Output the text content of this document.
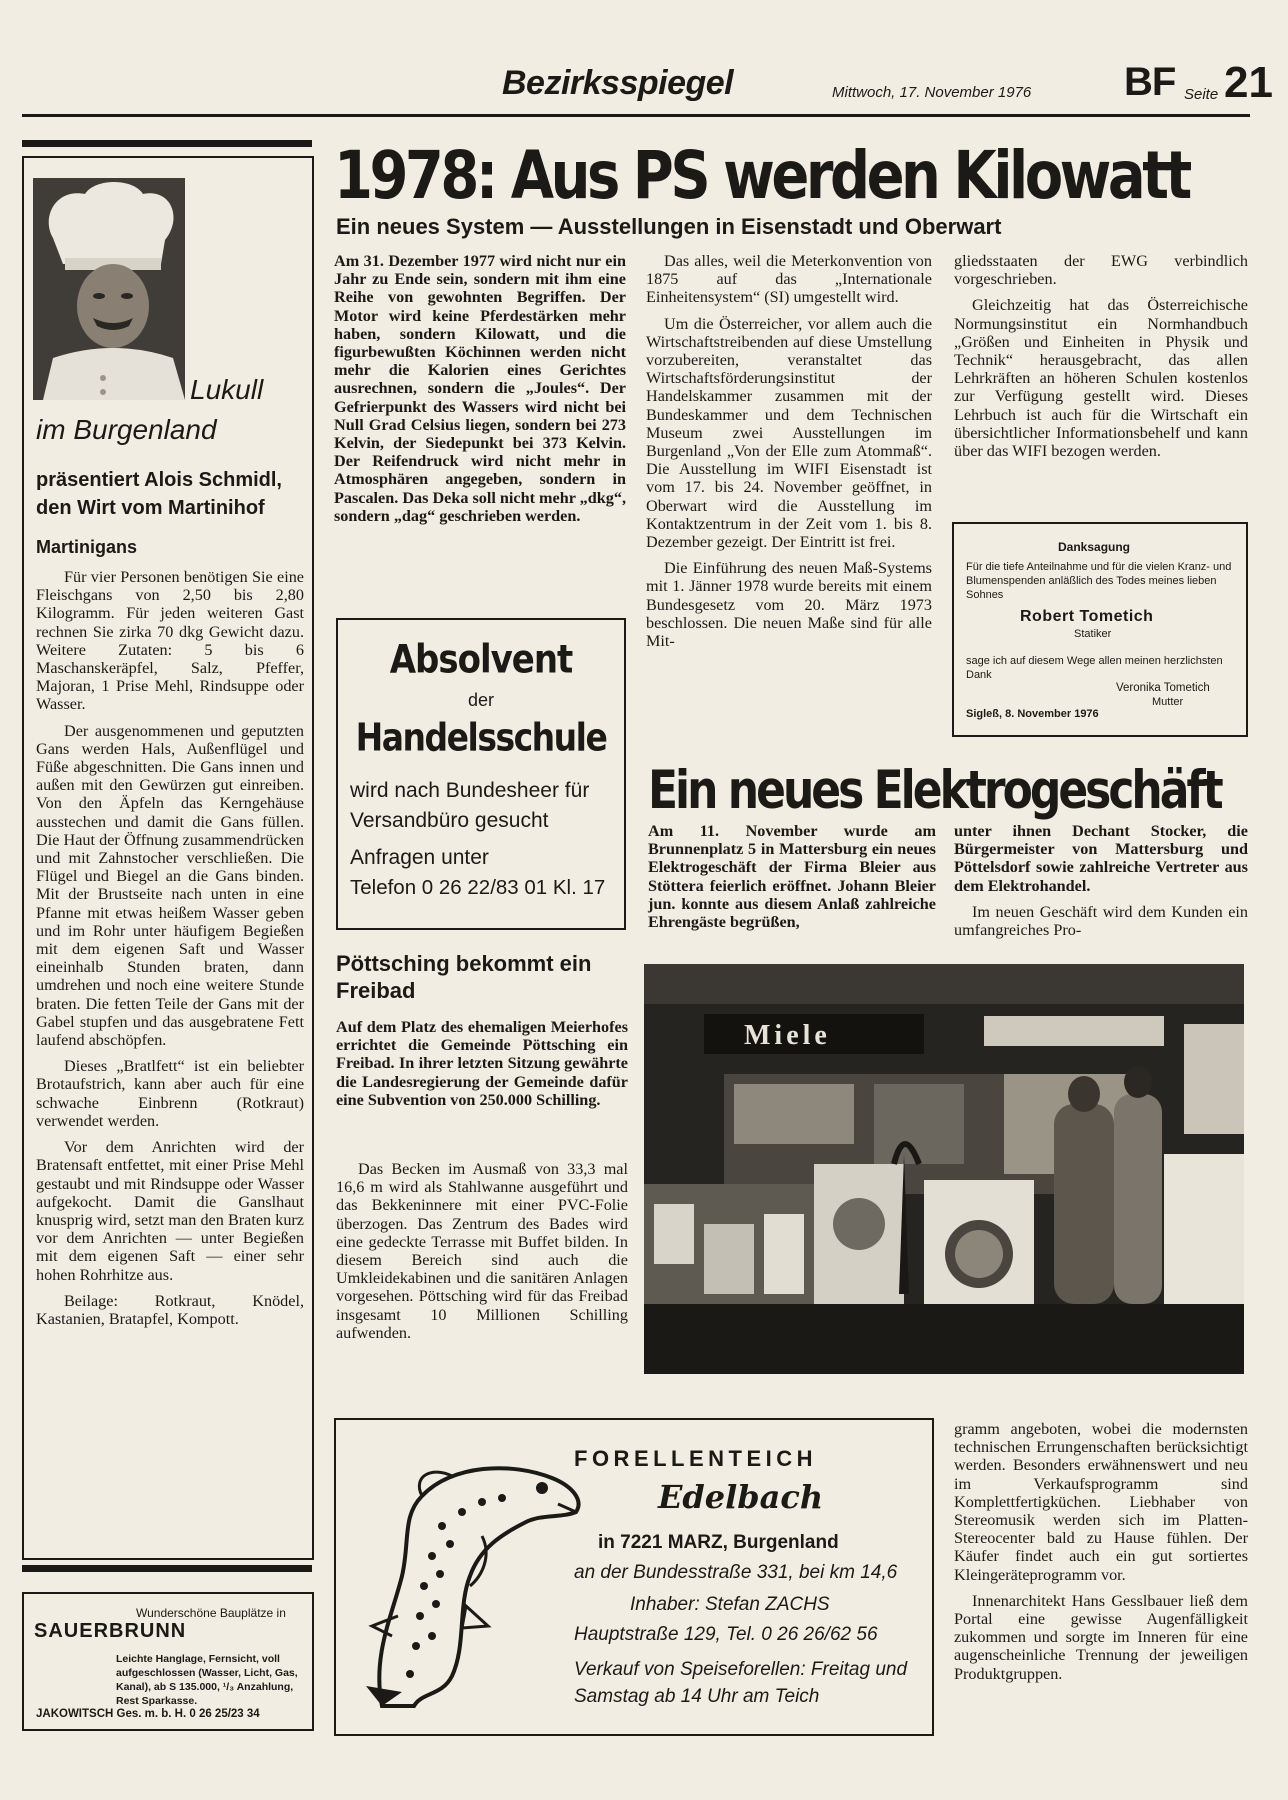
Bezirksspiegel	Mittwoch, 17. November 1976 BF Seite 21
Lukull
im Burgenland
präsentiert Alois Schmidl, den Wirt vom Martinihof
Martinigans

Für vier Personen benötigen Sie eine Fleischgans von 2,50 bis 2,80 Kilogramm. Für jeden weiteren Gast rechnen Sie zirka 70 dkg Gewicht dazu. Weitere Zutaten: 5 bis 6 Maschanskeräpfel, Salz, Pfeffer, Majoran, 1 Prise Mehl, Rindsuppe oder Wasser.

Der ausgenommenen und geputzten Gans werden Hals, Außenflügel und Füße abgeschnitten. Die Gans innen und außen mit den Gewürzen gut einreiben. Von den Äpfeln das Kerngehäuse ausstechen und damit die Gans füllen. Die Haut der Öffnung zusammendrücken und mit Zahnstocher verschließen. Die Flügel und Biegel an die Gans binden. Mit der Brustseite nach unten in eine Pfanne mit etwas heißem Wasser geben und im Rohr unter häufigem Begießen mit dem eigenen Saft und Wasser eineinhalb Stunden braten, dann umdrehen und noch eine weitere Stunde braten. Die fetten Teile der Gans mit der Gabel stupfen und das ausgebratene Fett laufend abschöpfen.

Dieses „Bratlfett“ ist ein beliebter Brotaufstrich, kann aber auch für eine schwache Einbrenn (Rotkraut) verwendet werden.

Vor dem Anrichten wird der Bratensaft entfettet, mit einer Prise Mehl gestaubt und mit Rindsuppe oder Wasser aufgekocht. Damit die Ganslhaut knusprig wird, setzt man den Braten kurz vor dem Anrichten — unter Begießen mit dem eigenen Saft — einer sehr hohen Rohrhitze aus.

Beilage: Rotkraut, Knödel, Kastanien, Bratapfel, Kompott.

Wunderschöne Bauplätze in
SAUERBRUNN
Leichte Hanglage, Fernsicht, voll aufgeschlossen (Wasser, Licht, Gas, Kanal), ab S 135.000, ¹/₃ Anzahlung, Rest Sparkasse.
JAKOWITSCH Ges. m. b. H. 0 26 25/23 34
1978: Aus PS werden Kilowatt
Ein neues System — Ausstellungen in Eisenstadt und Oberwart
Am 31. Dezember 1977 wird nicht nur ein Jahr zu Ende sein, sondern mit ihm eine Reihe von gewohnten Begriffen. Der Motor wird keine Pferdestärken mehr haben, sondern Kilowatt, und die figurbewußten Köchinnen werden nicht mehr die Kalorien eines Gerichtes ausrechnen, sondern die „Joules“. Der Gefrierpunkt des Wassers wird nicht bei Null Grad Celsius liegen, sondern bei 273 Kelvin, der Siedepunkt bei 373 Kelvin. Der Reifendruck wird nicht mehr in Atmosphären angegeben, sondern in Pascalen. Das Deka soll nicht mehr „dkg“, sondern „dag“ geschrieben werden.

Das alles, weil die Meterkonvention von 1875 auf das „Internationale Einheitensystem“ (SI) umgestellt wird.

Um die Österreicher, vor allem auch die Wirtschaftstreibenden auf diese Umstellung vorzubereiten, veranstaltet das Wirtschaftsförderungsinstitut der Handelskammer zusammen mit der Bundeskammer und dem Technischen Museum zwei Ausstellungen im Burgenland „Von der Elle zum Atommaß“. Die Ausstellung im WIFI Eisenstadt ist vom 17. bis 24. November geöffnet, in Oberwart wird die Ausstellung im Kontaktzentrum in der Zeit vom 1. bis 8. Dezember gezeigt. Der Eintritt ist frei.

Die Einführung des neuen Maß-Systems mit 1. Jänner 1978 wurde bereits mit einem Bundesgesetz vom 20. März 1973 beschlossen. Die neuen Maße sind für alle Mit-

gliedsstaaten der EWG verbindlich vorgeschrieben.

Gleichzeitig hat das Österreichische Normungsinstitut ein Normhandbuch „Größen und Einheiten in Physik und Technik“ herausgebracht, das allen Lehrkräften an höheren Schulen kostenlos zur Verfügung gestellt wird. Dieses Lehrbuch ist auch für die Wirtschaft ein übersichtlicher Informationsbehelf und kann über das WIFI bezogen werden.

Danksagung
Für die tiefe Anteilnahme und für die vielen Kranz- und Blumenspenden anläßlich des Todes meines lieben Sohnes
Robert Tometich
Statiker
sage ich auf diesem Wege allen meinen herzlichsten Dank
Veronika Tometich
Mutter
Sigleß, 8. November 1976
Absolvent
der
Handelsschule
wird nach Bundesheer für Versandbüro gesucht
Anfragen unter
Telefon 0 26 22/83 01 Kl. 17
Pöttsching bekommt ein Freibad
Auf dem Platz des ehemaligen Meierhofes errichtet die Gemeinde Pöttsching ein Freibad. In ihrer letzten Sitzung gewährte die Landesregierung der Gemeinde dafür eine Subvention von 250.000 Schilling.

Das Becken im Ausmaß von 33,3 mal 16,6 m wird als Stahlwanne ausgeführt und das Bekkeninnere mit einer PVC-Folie überzogen. Das Zentrum des Bades wird eine gedeckte Terrasse mit Buffet bilden. In diesem Bereich sind auch die Umkleidekabinen und die sanitären Anlagen vorgesehen. Pöttsching wird für das Freibad insgesamt 10 Millionen Schilling aufwenden.

Ein neues Elektrogeschäft
Am 11. November wurde am Brunnenplatz 5 in Mattersburg ein neues Elektrogeschäft der Firma Bleier aus Stöttera feierlich eröffnet. Johann Bleier jun. konnte aus diesem Anlaß zahlreiche Ehrengäste begrüßen,

unter ihnen Dechant Stocker, die Bürgermeister von Mattersburg und Pöttelsdorf sowie zahlreiche Vertreter aus dem Elektrohandel.

Im neuen Geschäft wird dem Kunden ein umfangreiches Pro-

Miele
FORELLENTEICH
Edelbach
in 7221 MARZ, Burgenland
an der Bundesstraße 331, bei km 14,6
Inhaber: Stefan ZACHS
Hauptstraße 129, Tel. 0 26 26/62 56
Verkauf von Speiseforellen: Freitag und Samstag ab 14 Uhr am Teich

gramm angeboten, wobei die modernsten technischen Errungenschaften berücksichtigt werden. Besonders erwähnenswert und neu im Verkaufsprogramm sind Komplettfertigküchen. Liebhaber von Stereomusik werden sich im Platten-Stereocenter bald zu Hause fühlen. Der Käufer findet auch ein gut sortiertes Kleingeräteprogramm vor.

Innenarchitekt Hans Gesslbauer ließ dem Portal eine gewisse Augenfälligkeit zukommen und sorgte im Inneren für eine augenscheinliche Trennung der jeweiligen Produktgruppen.
